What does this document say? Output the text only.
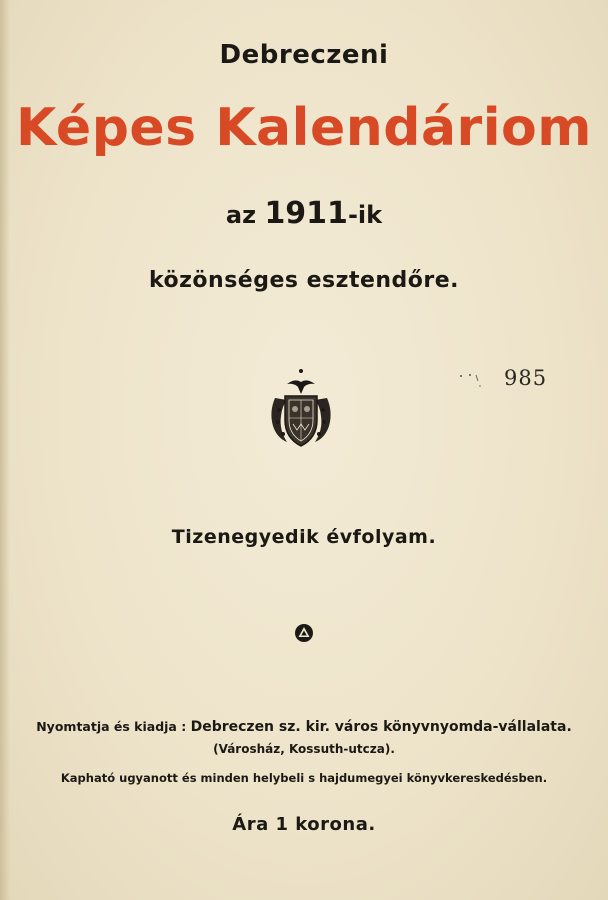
Debreczeni
Képes Kalendáriom
az 1911-ik
közönséges esztendőre.
985
Tizenegyedik évfolyam.
Nyomtatja és kiadja : Debreczen sz. kir. város könyvnyomda-vállalata.
(Városház, Kossuth-utcza).
Kapható ugyanott és minden helybeli s hajdumegyei könyvkereskedésben.
Ára 1 korona.
